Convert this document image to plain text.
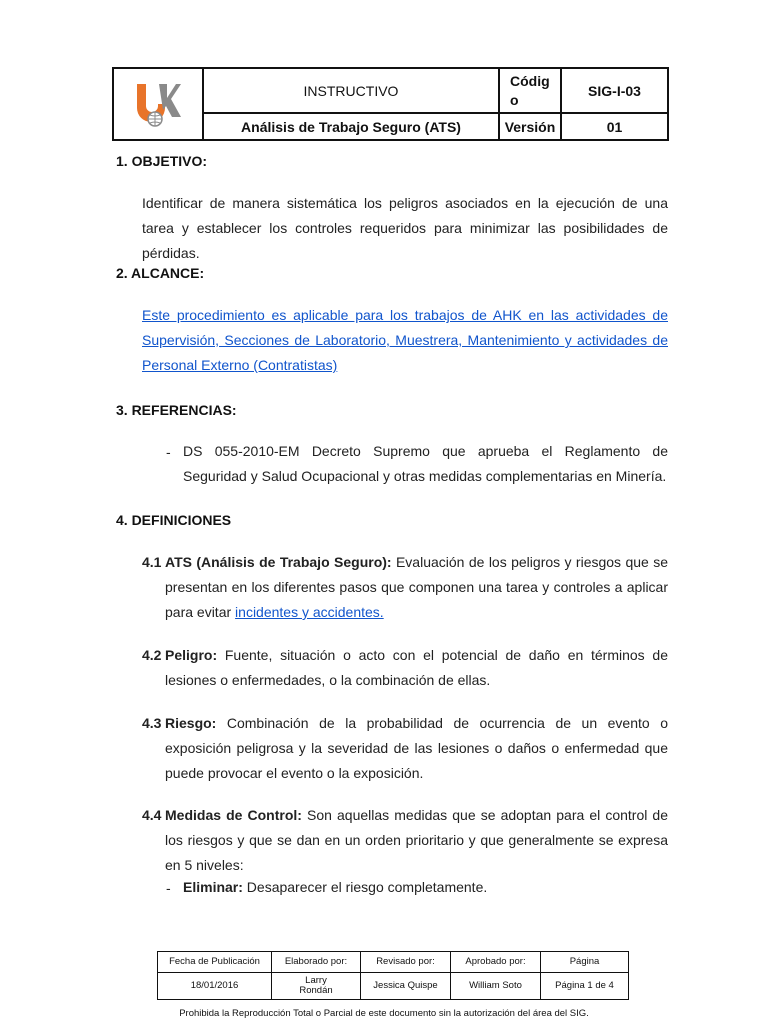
	INSTRUCTIVO	Código	SIG-I-03
	Análisis de Trabajo Seguro (ATS)	Versión	01
1. OBJETIVO:
Identificar de manera sistemática los peligros asociados en la ejecución de una tarea y establecer los controles requeridos para minimizar las posibilidades de pérdidas.
2. ALCANCE:
Este procedimiento es aplicable para los trabajos de AHK en las actividades de Supervisión, Secciones de Laboratorio, Muestrera, Mantenimiento y actividades de Personal Externo (Contratistas)
3. REFERENCIAS:
- DS 055-2010-EM Decreto Supremo que aprueba el Reglamento de Seguridad y Salud Ocupacional y otras medidas complementarias en Minería.
4. DEFINICIONES
4.1 ATS (Análisis de Trabajo Seguro): Evaluación de los peligros y riesgos que se presentan en los diferentes pasos que componen una tarea y controles a aplicar para evitar incidentes y accidentes.
4.2 Peligro: Fuente, situación o acto con el potencial de daño en términos de lesiones o enfermedades, o la combinación de ellas.
4.3 Riesgo: Combinación de la probabilidad de ocurrencia de un evento o exposición peligrosa y la severidad de las lesiones o daños o enfermedad que puede provocar el evento o la exposición.
4.4 Medidas de Control: Son aquellas medidas que se adoptan para el control de los riesgos y que se dan en un orden prioritario y que generalmente se expresa en 5 niveles:
- Eliminar: Desaparecer el riesgo completamente.
Fecha de Publicación	Elaborado por:	Revisado por:	Aprobado por:	Página
18/01/2016	Larry Rondán	Jessica Quispe	William Soto	Página 1 de 4
Prohibida la Reproducción Total o Parcial de este documento sin la autorización del área del SIG.
